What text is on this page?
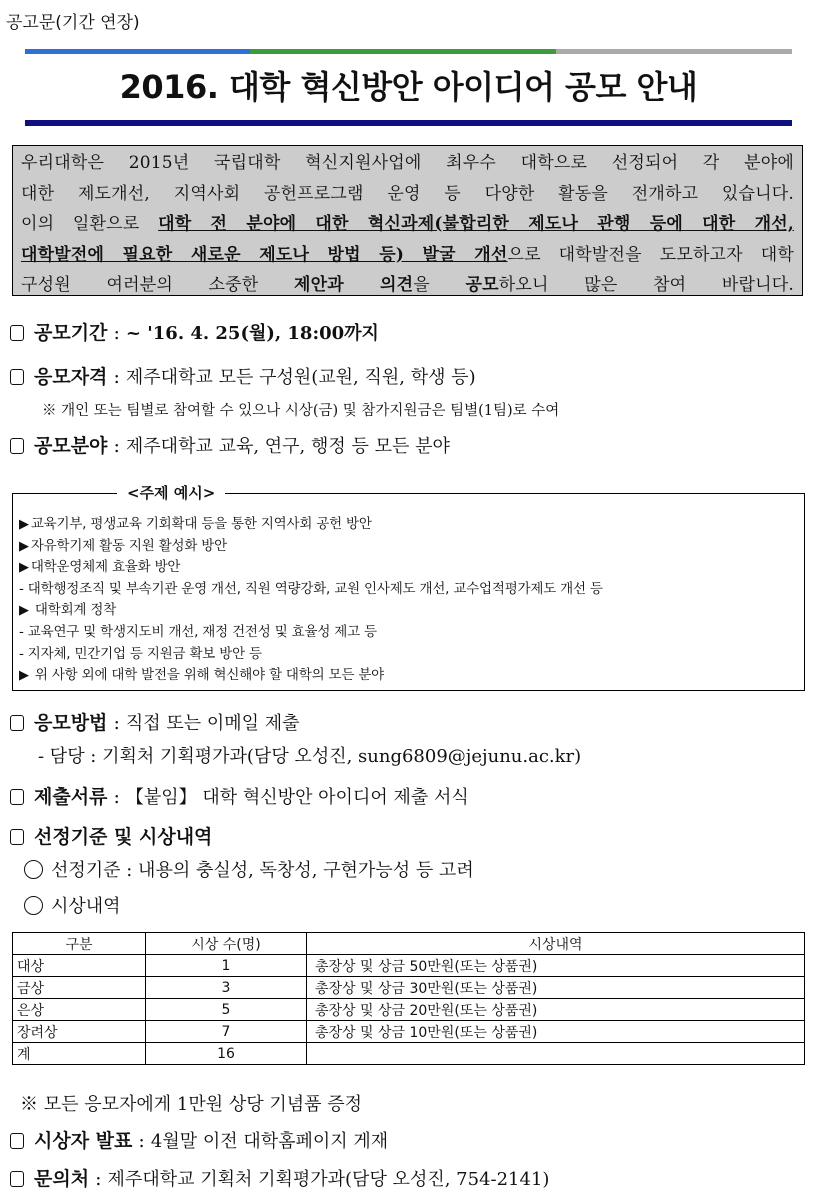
공고문(기간 연장)
2016. 대학 혁신방안 아이디어 공모 안내
우리대학은 2015년 국립대학 혁신지원사업에 최우수 대학으로 선정되어 각 분야에
대한 제도개선, 지역사회 공헌프로그램 운영 등 다양한 활동을 전개하고 있습니다.
이의 일환으로 대학 전 분야에 대한 혁신과제(불합리한 제도나 관행 등에 대한 개선,
대학발전에 필요한 새로운 제도나 방법 등) 발굴 개선으로 대학발전을 도모하고자 대학
구성원 여러분의 소중한 제안과 의견을 공모하오니 많은 참여 바랍니다.
공모기간 : ~ '16. 4. 25(월), 18:00까지
응모자격 : 제주대학교 모든 구성원(교원, 직원, 학생 등)
※ 개인 또는 팀별로 참여할 수 있으나 시상(금) 및 참가지원금은 팀별(1팀)로 수여
공모분야 : 제주대학교 교육, 연구, 행정 등 모든 분야
<주제 예시>
▶ 교육기부, 평생교육 기회확대 등을 통한 지역사회 공헌 방안
▶ 자유학기제 활동 지원 활성화 방안
▶ 대학운영체제 효율화 방안
- 대학행정조직 및 부속기관 운영 개선, 직원 역량강화, 교원 인사제도 개선, 교수업적평가제도 개선 등
▶ 대학회계 정착
- 교육연구 및 학생지도비 개선, 재정 건전성 및 효율성 제고 등
- 지자체, 민간기업 등 지원금 확보 방안 등
▶ 위 사항 외에 대학 발전을 위해 혁신해야 할 대학의 모든 분야
응모방법 : 직접 또는 이메일 제출
- 담당 : 기획처 기획평가과(담당 오성진, sung6809@jejunu.ac.kr)
제출서류 : 【붙임】 대학 혁신방안 아이디어 제출 서식
선정기준 및 시상내역
선정기준 : 내용의 충실성, 독창성, 구현가능성 등 고려
시상내역
구분	시상 수(명)	시상내역
대상	1	총장상 및 상금 50만원(또는 상품권)
금상	3	총장상 및 상금 30만원(또는 상품권)
은상	5	총장상 및 상금 20만원(또는 상품권)
장려상	7	총장상 및 상금 10만원(또는 상품권)
계	16	
※ 모든 응모자에게 1만원 상당 기념품 증정
시상자 발표 : 4월말 이전 대학홈페이지 게재
문의처 : 제주대학교 기획처 기획평가과(담당 오성진, 754-2141)
